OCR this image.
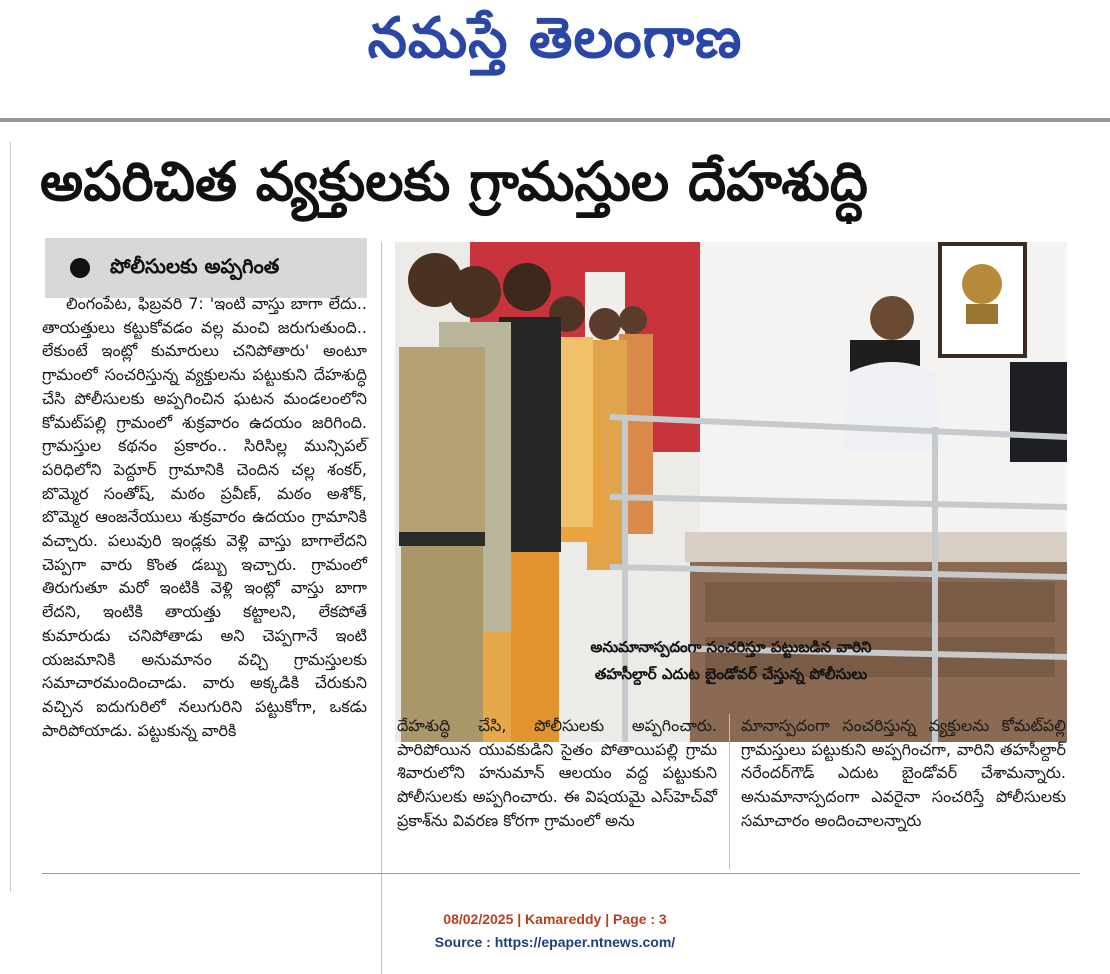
నమస్తే తెలంగాణ
అపరిచిత వ్యక్తులకు గ్రామస్తుల దేహశుద్ధి
పోలీసులకు అప్పగింత

లింగంపేట, ఫిబ్రవరి 7: 'ఇంటి వాస్తు బాగా లేదు.. తాయత్తులు కట్టుకోవడం వల్ల మంచి జరుగుతుంది.. లేకుంటే ఇంట్లో కుమారులు చనిపోతారు' అంటూ గ్రామంలో సంచరిస్తున్న వ్యక్తులను పట్టుకుని దేహశుద్ధి చేసి పోలీసులకు అప్పగించిన ఘటన మండలంలోని కోమట్‌పల్లి గ్రామంలో శుక్రవారం ఉదయం జరిగింది. గ్రామస్తుల కథనం ప్రకారం.. సిరిసిల్ల మున్సిపల్ పరిధిలోని పెద్దూర్ గ్రామానికి చెందిన చల్ల శంకర్, బొమ్మెర సంతోష్, మఠం ప్రవీణ్, మఠం అశోక్, బొమ్మెర ఆంజనేయులు శుక్రవారం ఉదయం గ్రామానికి వచ్చారు. పలువురి ఇండ్లకు వెళ్లి వాస్తు బాగాలేదని చెప్పగా వారు కొంత డబ్బు ఇచ్చారు. గ్రామంలో తిరుగుతూ మరో ఇంటికి వెళ్లి ఇంట్లో వాస్తు బాగా లేదని, ఇంటికి తాయత్తు కట్టాలని, లేకపోతే కుమారుడు చనిపోతాడు అని చెప్పగానే ఇంటి యజమానికి అనుమానం వచ్చి గ్రామస్తులకు సమాచారమందించాడు. వారు అక్కడికి చేరుకుని వచ్చిన ఐదుగురిలో నలుగురిని పట్టుకోగా, ఒకడు పారిపోయాడు. పట్టుకున్న వారికి

అనుమానాస్పదంగా సంచరిస్తూ పట్టుబడిన వారిని
తహసీల్దార్ ఎదుట బైండోవర్ చేస్తున్న పోలీసులు

దేహశుద్ధి చేసి, పోలీసులకు అప్పగించారు. పారిపోయిన యువకుడిని సైతం పోతాయిపల్లి గ్రామ శివారులోని హనుమాన్ ఆలయం వద్ద పట్టుకుని పోలీసులకు అప్పగించారు. ఈ విషయమై ఎస్‌హెచ్‌వో ప్రకాశ్‌ను వివరణ కోరగా గ్రామంలో అను

మానాస్పదంగా సంచరిస్తున్న వ్యక్తులను కోమట్‌పల్లి గ్రామస్తులు పట్టుకుని అప్పగించగా, వారిని తహసీల్దార్ నరేందర్‌గౌడ్ ఎదుట బైండోవర్ చేశామన్నారు. అనుమానాస్పదంగా ఎవరైనా సంచరిస్తే పోలీసులకు సమాచారం అందించాలన్నారు

08/02/2025 | Kamareddy | Page : 3
Source : https://epaper.ntnews.com/
